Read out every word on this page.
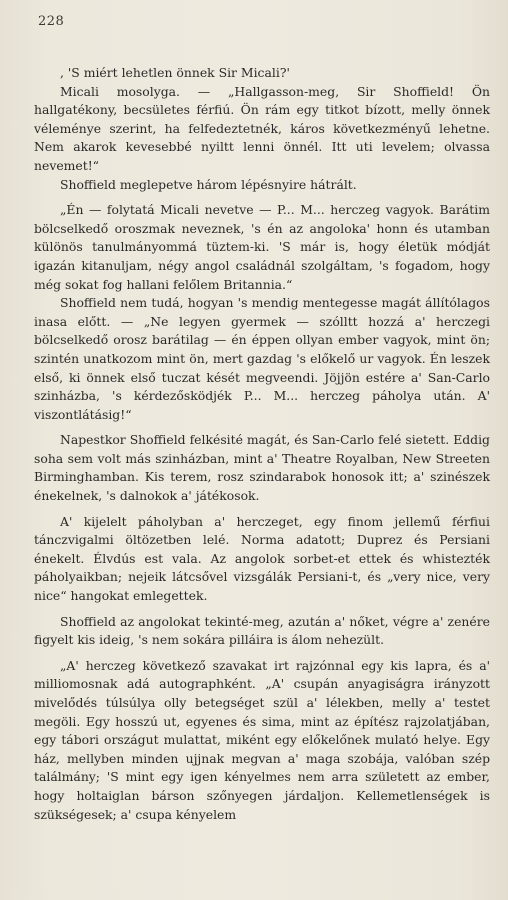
228

, 'S miért lehetlen önnek Sir Micali?'

Micali mosolyga. — „Hallgasson-meg, Sir Shoffield! Ön hallgatékony, becsületes férfiú. Ön rám egy titkot bízott, melly önnek véleménye szerint, ha felfedeztetnék, káros következményű lehetne. Nem akarok kevesebbé nyiltt lenni önnél. Itt uti levelem; olvassa nevemet!“

Shoffield meglepetve három lépésnyire hátrált.

„Én — folytatá Micali nevetve — P... M... herczeg vagyok. Barátim bölcselkedő oroszmak neveznek, 's én az angoloka' honn és utamban különös tanulmányommá tüztem-ki. 'S már is, hogy életük módját igazán kitanuljam, négy angol családnál szolgáltam, 's fogadom, hogy még sokat fog hallani felőlem Britannia.“

Shoffield nem tudá, hogyan 's mendig mentegesse magát állítólagos inasa előtt. — „Ne legyen gyermek — szólltt hozzá a' herczegi bölcselkedő orosz barátilag — én éppen ollyan ember vagyok, mint ön; szintén unatkozom mint ön, mert gazdag 's előkelő ur vagyok. Én leszek első, ki önnek első tuczat kését megveendi. Jöjjön estére a' San-Carlo szinházba, 's kérdezősködjék P... M... herczeg páholya után. A' viszontlátásig!“

Napestkor Shoffield felkésité magát, és San-Carlo felé sietett. Eddig soha sem volt más szinházban, mint a' Theatre Royalban, New Streeten Birminghamban. Kis terem, rosz szindarabok honosok itt; a' szinészek énekelnek, 's dalnokok a' játékosok.

A' kijelelt páholyban a' herczeget, egy finom jellemű férfiui tánczvigalmi öltözetben lelé. Norma adatott; Duprez és Persiani énekelt. Élvdús est vala. Az angolok sorbet-et ettek és whistezték páholyaikban; nejeik látcsővel vizsgálák Persiani-t, és „very nice, very nice“ hangokat emlegettek.

Shoffield az angolokat tekinté-meg, azután a' nőket, végre a' zenére figyelt kis ideig, 's nem sokára pilláira is álom nehezült.

„A' herczeg következő szavakat irt rajzónnal egy kis lapra, és a' milliomosnak adá autographként. „A' csupán anyagiságra irányzott mivelődés túlsúlya olly betegséget szül a' lélekben, melly a' testet megöli. Egy hosszú ut, egyenes és sima, mint az építész rajzolatjában, egy tábori országut mulattat, miként egy előkelőnek mulató helye. Egy ház, mellyben minden ujjnak megvan a' maga szobája, valóban szép találmány; 'S mint egy igen kényelmes nem arra született az ember, hogy holtaiglan bárson szőnyegen járdaljon. Kellemetlenségek is szükségesek; a' csupa kényelem
